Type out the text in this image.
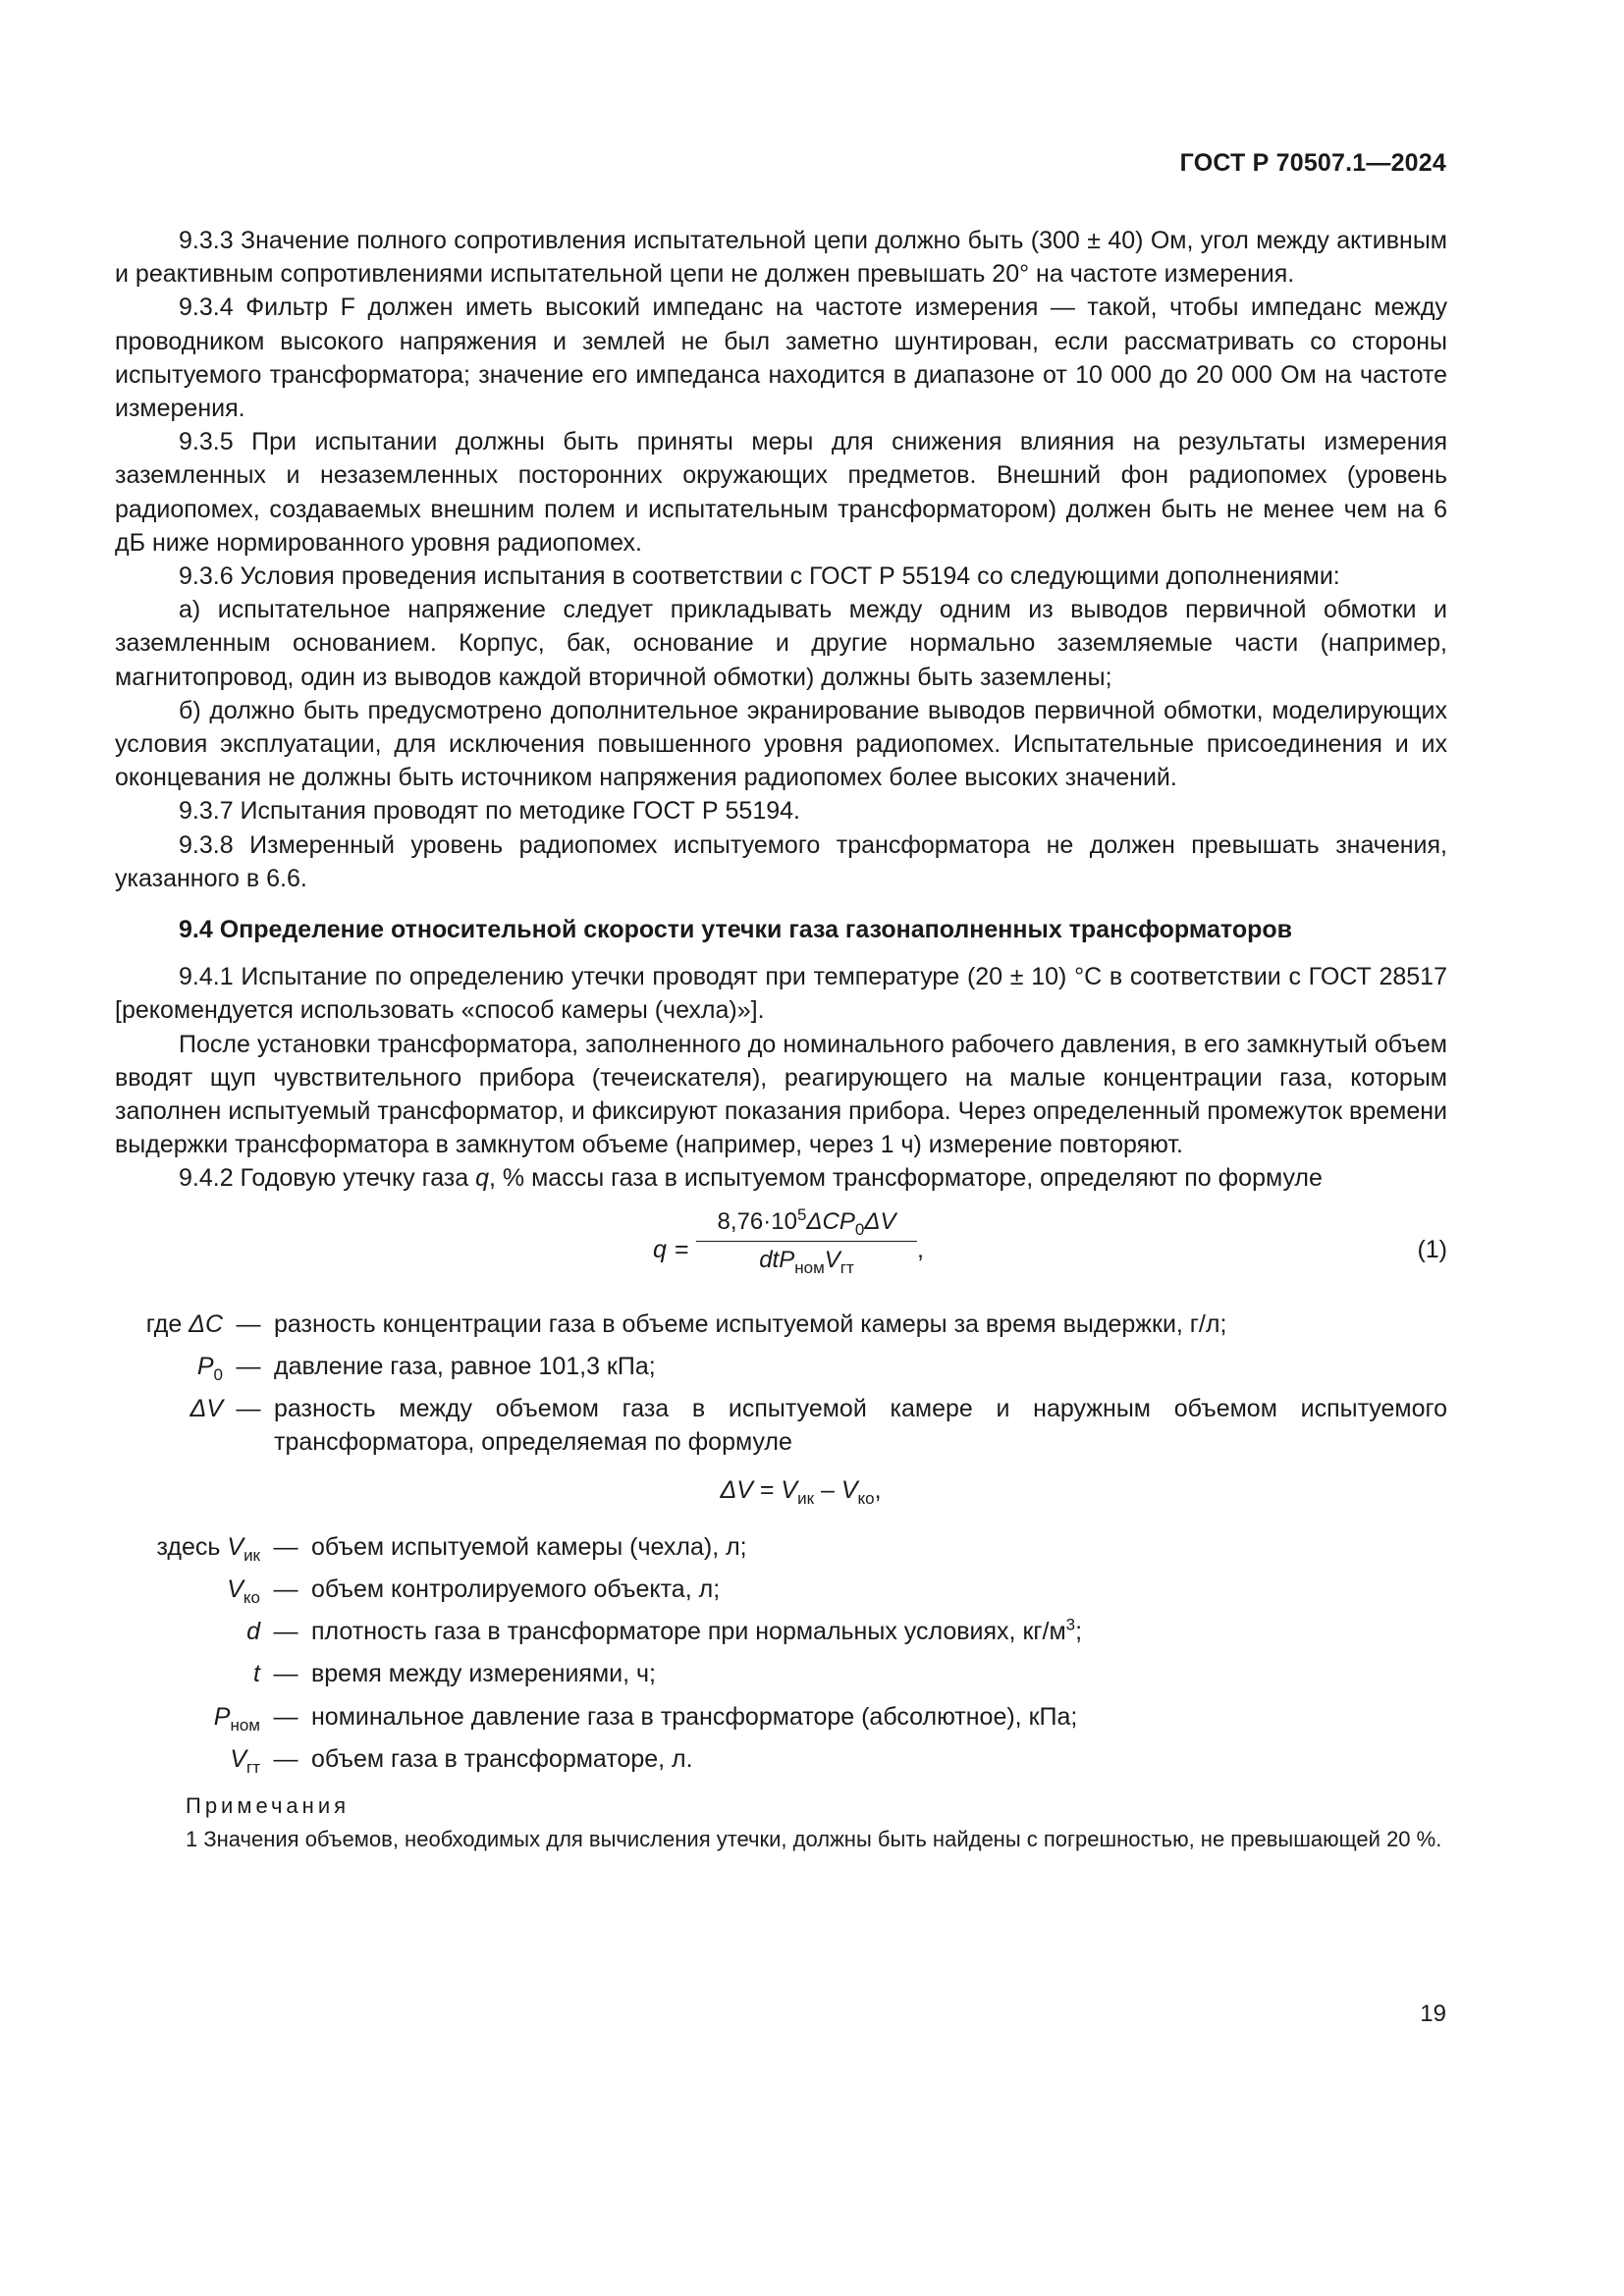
ГОСТ Р 70507.1—2024

9.3.3 Значение полного сопротивления испытательной цепи должно быть (300 ± 40) Ом, угол между активным и реактивным сопротивлениями испытательной цепи не должен превышать 20° на частоте измерения.

9.3.4 Фильтр F должен иметь высокий импеданс на частоте измерения — такой, чтобы импеданс между проводником высокого напряжения и землей не был заметно шунтирован, если рассматривать со стороны испытуемого трансформатора; значение его импеданса находится в диапазоне от 10 000 до 20 000 Ом на частоте измерения.

9.3.5 При испытании должны быть приняты меры для снижения влияния на результаты измерения заземленных и незаземленных посторонних окружающих предметов. Внешний фон радиопомех (уровень радиопомех, создаваемых внешним полем и испытательным трансформатором) должен быть не менее чем на 6 дБ ниже нормированного уровня радиопомех.

9.3.6 Условия проведения испытания в соответствии с ГОСТ Р 55194 со следующими дополнениями:

а) испытательное напряжение следует прикладывать между одним из выводов первичной обмотки и заземленным основанием. Корпус, бак, основание и другие нормально заземляемые части (например, магнитопровод, один из выводов каждой вторичной обмотки) должны быть заземлены;

б) должно быть предусмотрено дополнительное экранирование выводов первичной обмотки, моделирующих условия эксплуатации, для исключения повышенного уровня радиопомех. Испытательные присоединения и их оконцевания не должны быть источником напряжения радиопомех более высоких значений.

9.3.7 Испытания проводят по методике ГОСТ Р 55194.

9.3.8 Измеренный уровень радиопомех испытуемого трансформатора не должен превышать значения, указанного в 6.6.

9.4 Определение относительной скорости утечки газа газонаполненных трансформаторов

9.4.1 Испытание по определению утечки проводят при температуре (20 ± 10) °С в соответствии с ГОСТ 28517 [рекомендуется использовать «способ камеры (чехла)»].

После установки трансформатора, заполненного до номинального рабочего давления, в его замкнутый объем вводят щуп чувствительного прибора (течеискателя), реагирующего на малые концентрации газа, которым заполнен испытуемый трансформатор, и фиксируют показания прибора. Через определенный промежуток времени выдержки трансформатора в замкнутом объеме (например, через 1 ч) измерение повторяют.

9.4.2 Годовую утечку газа q, % массы газа в испытуемом трансформаторе, определяют по формуле

q =
$8,76\cdot 10^5\Delta CP_0\Delta V$
$dtP_{ном}V_{гт}$
,	(1)
где ΔC — разность концентрации газа в объеме испытуемой камеры за время выдержки, г/л;
$P_0$ — давление газа, равное 101,3 кПа;
ΔV — разность между объемом газа в испытуемой камере и наружным объемом испытуемого трансформатора, определяемая по формуле
$\Delta V = V_{ик} - V_{ко}$,
здесь $V_{ик}$ — объем испытуемой камеры (чехла), л;
$V_{ко}$ — объем контролируемого объекта, л;
d — плотность газа в трансформаторе при нормальных условиях, $кг/м^3$;
t — время между измерениями, ч;
$P_{ном}$ — номинальное давление газа в трансформаторе (абсолютное), кПа;
$V_{гт}$ — объем газа в трансформаторе, л.

Примечания

1 Значения объемов, необходимых для вычисления утечки, должны быть найдены с погрешностью, не превышающей 20 %.

19
